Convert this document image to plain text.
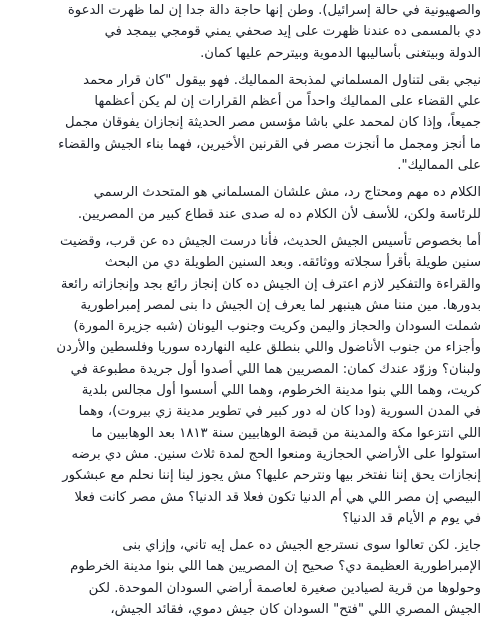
والصهيونية في حالة إسرائيل). وطن إنها حاجة دالة جدا إن لما ظهرت الدعوة
دي بالمسمى ده عندنا ظهرت على إيد صحفي يمني قومجي بيمجد في
الدولة وبيتغنى بأساليبها الدموية وبيترحم عليها كمان.

نيجي بقى لتناول المسلماني لمذبحة المماليك. فهو بيقول "كان قرار محمد
علي القضاء على المماليك واحداً من أعظم القرارات إن لم يكن أعظمها
جميعاً، وإذا كان لمحمد علي باشا مؤسس مصر الحديثة إنجازان يفوقان مجمل
ما أنجز ومجمل ما أنجزت مصر في القرنين الأخيرين، فهما بناء الجيش والقضاء
على المماليك".

الكلام ده مهم ومحتاج رد، مش علشان المسلماني هو المتحدث الرسمي
للرئاسة ولكن، للأسف لأن الكلام ده له صدى عند قطاع كبير من المصريين.

أما بخصوص تأسيس الجيش الحديث، فأنا درست الجيش ده عن قرب، وقضيت
سنين طويلة بأقرأ سجلاته ووثائقه. وبعد السنين الطويلة دي من البحث
والقراءة والتفكير لازم اعترف إن الجيش ده كان إنجاز رائع بجد وإنجازاته رائعة
بدورها. مين مننا مش هينبهر لما يعرف إن الجيش دا بنى لمصر إمبراطورية
شملت السودان والحجاز واليمن وكريت وجنوب اليونان (شبه جزيرة المورة)
وأجزاء من جنوب الأناضول واللي بنطلق عليه النهارده سوريا وفلسطين والأردن
ولبنان؟ وزوّد عندك كمان: المصريين هما اللي أصدوا أول جريدة مطبوعة في
كريت، وهما اللي بنوا مدينة الخرطوم، وهما اللي أسسوا أول مجالس بلدية
في المدن السورية (ودا كان له دور كبير في تطوير مدينة زي بيروت)، وهما
اللي انتزعوا مكة والمدينة من قبضة الوهابيين سنة ١٨١٣ بعد الوهابيين ما
استولوا على الأراضي الحجازية ومنعوا الحج لمدة ثلاث سنين. مش دي برضه
إنجازات يحق إننا نفتخر بيها ونترحم عليها؟ مش يجوز لينا إننا نحلم مع عبشكور
البيصي إن مصر اللي هي أم الدنيا تكون فعلا قد الدنيا؟ مش مصر كانت فعلا
في يوم م الأيام قد الدنيا؟

جايز. لكن تعالوا سوى نسترجع الجيش ده عمل إيه تاني، وإزاي بنى
الإمبراطورية العظيمة دي؟ صحيح إن المصريين هما اللي بنوا مدينة الخرطوم
وحولوها من قرية لصيادين صغيرة لعاصمة أراضي السودان الموحدة. لكن
الجيش المصري اللي "فتح" السودان كان جيش دموي، فقائد الجيش،
